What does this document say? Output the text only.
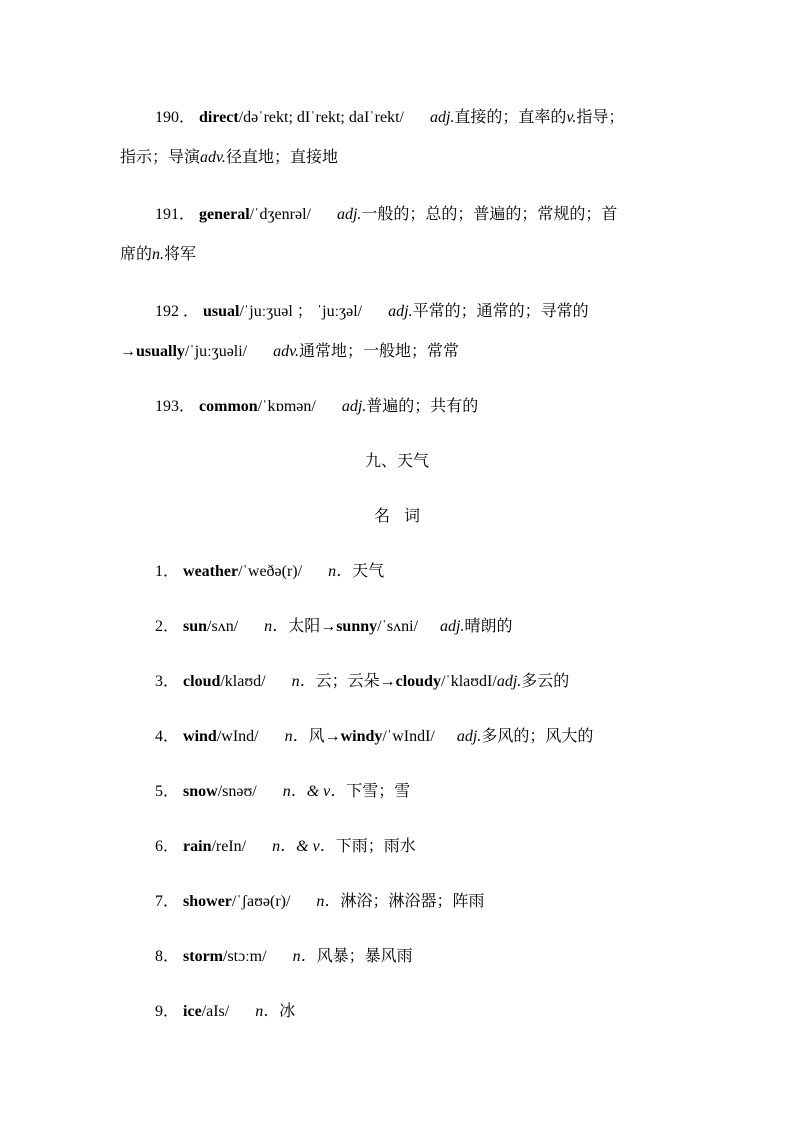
190． direct/dəˈrekt; dIˈrekt; daIˈrekt/ adj.直接的；直率的v.指导；
指示；导演adv.径直地；直接地

191． general/ˈdʒenrəl/ adj.一般的；总的；普遍的；常规的；首
席的n.将军

192 ． usual/ˈjuːʒuəl ； ˈjuːʒəl/ adj.平常的；通常的；寻常的
→usually/ˈjuːʒuəli/ adv.通常地；一般地；常常

193． common/ˈkɒmən/ adj.普遍的；共有的

九、天气
名词

1． weather/ˈweðə(r)/ n．天气

2． sun/sʌn/ n．太阳→sunny/ˈsʌni/ adj.晴朗的

3． cloud/klaʊd/ n．云；云朵→cloudy/ˈklaʊdI/adj.多云的

4． wind/wInd/ n．风→windy/ˈwIndI/ adj.多风的；风大的

5． snow/snəʊ/ n．& v．下雪；雪

6． rain/reIn/ n．& v．下雨；雨水

7． shower/ˈʃaʊə(r)/ n．淋浴；淋浴器；阵雨

8． storm/stɔːm/ n．风暴；暴风雨

9． ice/aIs/ n．冰
